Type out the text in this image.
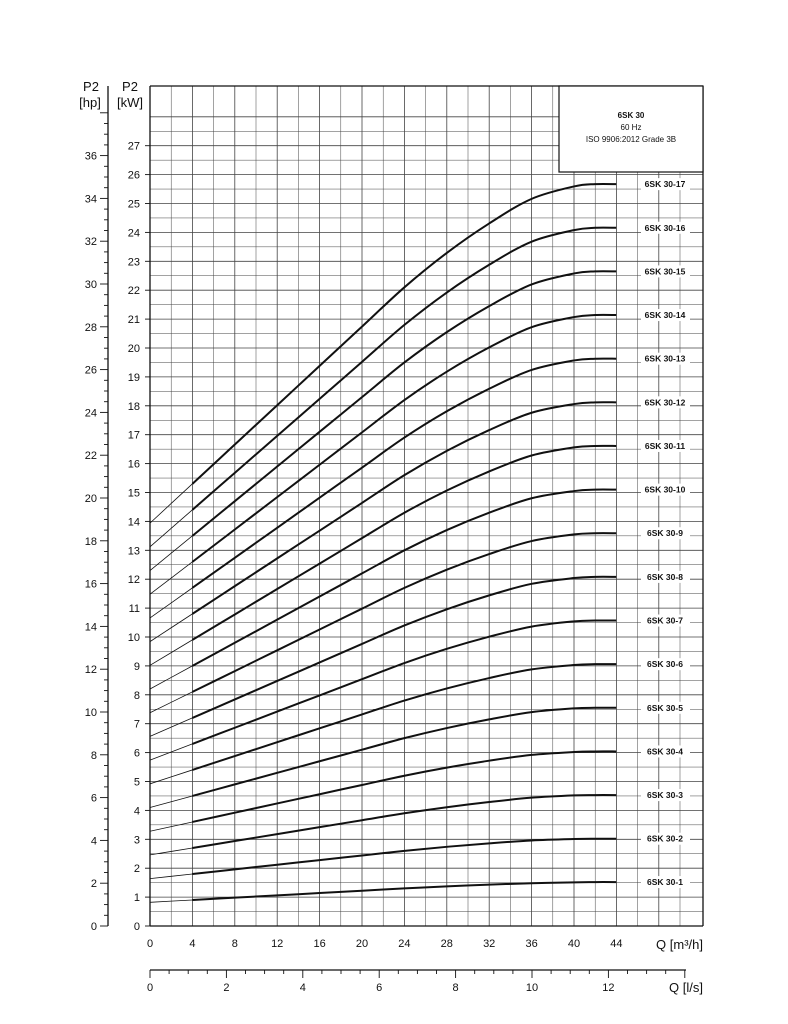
0
2
4
6
8
10
12
14
16
18
20
22
24
26
28
30
32
34
36
0
1
2
3
4
5
6
7
8
9
10
11
12
13
14
15
16
17
18
19
20
21
22
23
24
25
26
27
0	4	8	12	16	20	24	28	32	36	40	44
0	2	4	6	8	10	12
6SK 30-1
6SK 30-2
6SK 30-3
6SK 30-4
6SK 30-5
6SK 30-6
6SK 30-7
6SK 30-8
6SK 30-9
6SK 30-10
6SK 30-11
6SK 30-12
6SK 30-13
6SK 30-14
6SK 30-15
6SK 30-16
6SK 30-17
6SK 30
60 Hz
ISO 9906:2012 Grade 3B
P2
[hp]
P2
[kW]
Q [m³/h]
Q [l/s]
